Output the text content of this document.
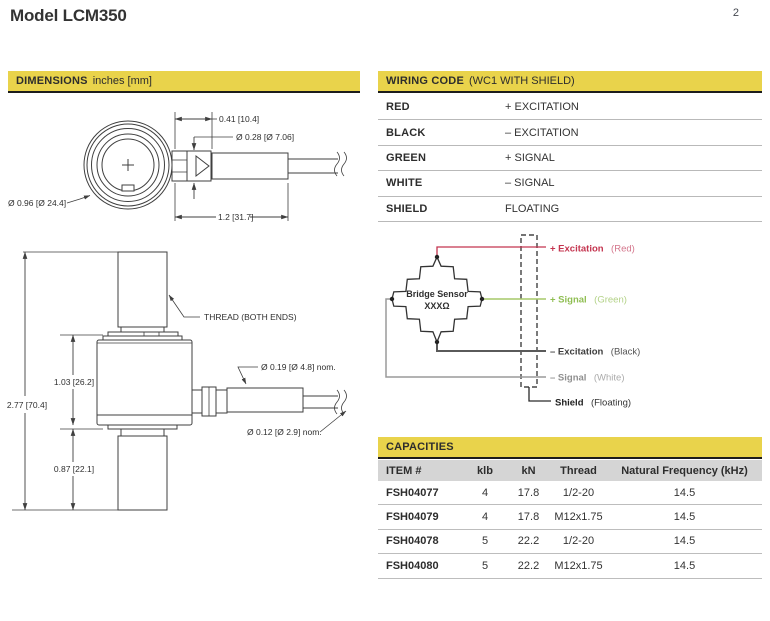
Model LCM350	2
DIMENSIONS inches [mm]	WIRING CODE (WC1 WITH SHIELD)
RED	+ EXCITATION
BLACK	– EXCITATION
GREEN	+ SIGNAL
WHITE	– SIGNAL
SHIELD	FLOATING
0.41 [10.4]
Ø 0.28 [Ø 7.06]
Ø 0.96 [Ø 24.4]
1.2 [31.7]
2.77 [70.4]
1.03 [26.2]
0.87 [22.1]
THREAD (BOTH ENDS)
Ø 0.19 [Ø 4.8] nom.
Ø 0.12 [Ø 2.9] nom.
Bridge Sensor
XXXΩ
+ Excitation (Red)
+ Signal (Green)
– Excitation (Black)
– Signal (White)
Shield (Floating)
CAPACITIES
ITEM #	klb	kN	Thread	Natural Frequency (kHz)
FSH04077	4	17.8	1/2-20	14.5
FSH04079	4	17.8	M12x1.75	14.5
FSH04078	5	22.2	1/2-20	14.5
FSH04080	5	22.2	M12x1.75	14.5
